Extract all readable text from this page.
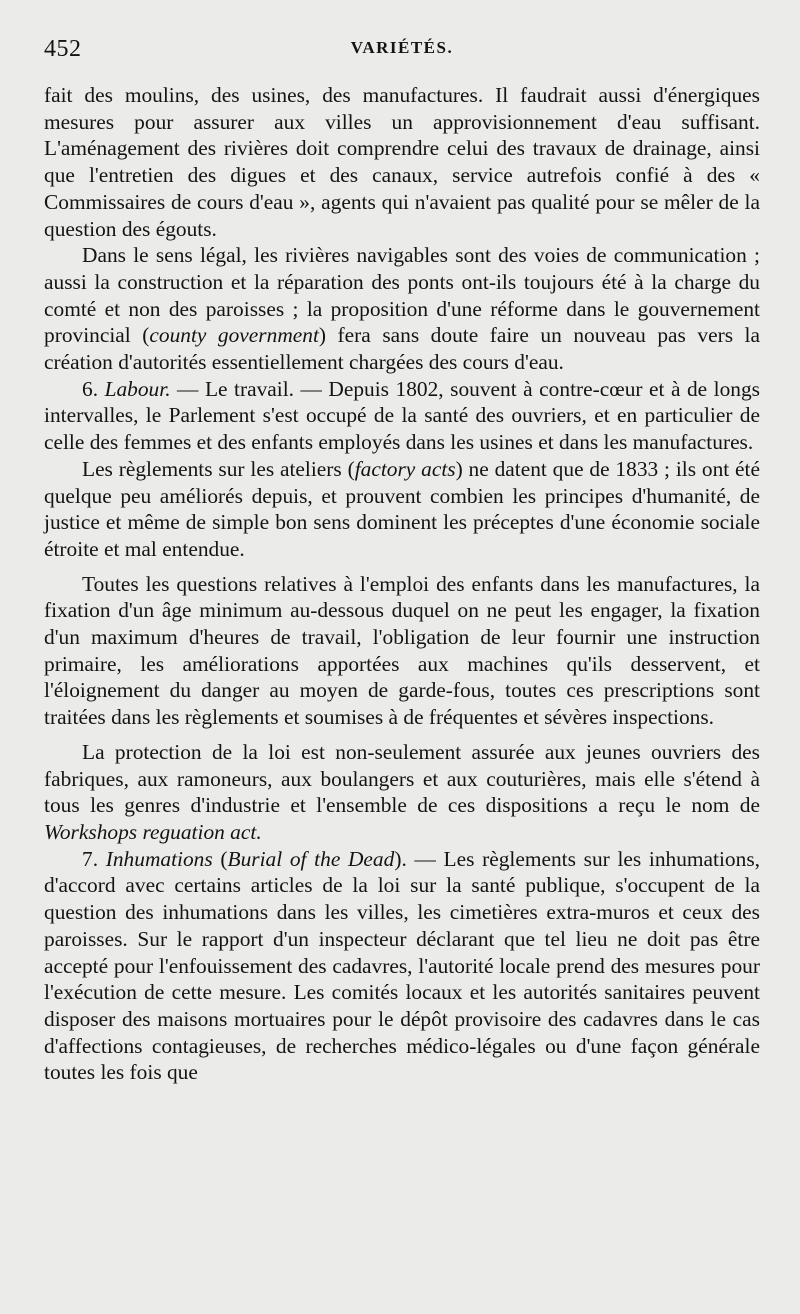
452	VARIÉTÉS.

fait des moulins, des usines, des manufactures. Il faudrait aussi d'énergiques mesures pour assurer aux villes un approvisionnement d'eau suffisant. L'aménagement des rivières doit comprendre celui des travaux de drainage, ainsi que l'entretien des digues et des canaux, service autrefois confié à des « Commissaires de cours d'eau », agents qui n'avaient pas qualité pour se mêler de la question des égouts.

Dans le sens légal, les rivières navigables sont des voies de communication ; aussi la construction et la réparation des ponts ont-ils toujours été à la charge du comté et non des paroisses ; la proposition d'une réforme dans le gouvernement provincial (county government) fera sans doute faire un nouveau pas vers la création d'autorités essentiellement chargées des cours d'eau.

6. Labour. — Le travail. — Depuis 1802, souvent à contre-cœur et à de longs intervalles, le Parlement s'est occupé de la santé des ouvriers, et en particulier de celle des femmes et des enfants employés dans les usines et dans les manufactures.

Les règlements sur les ateliers (factory acts) ne datent que de 1833 ; ils ont été quelque peu améliorés depuis, et prouvent combien les principes d'humanité, de justice et même de simple bon sens dominent les préceptes d'une économie sociale étroite et mal entendue.

Toutes les questions relatives à l'emploi des enfants dans les manufactures, la fixation d'un âge minimum au-dessous duquel on ne peut les engager, la fixation d'un maximum d'heures de travail, l'obligation de leur fournir une instruction primaire, les améliorations apportées aux machines qu'ils desservent, et l'éloignement du danger au moyen de garde-fous, toutes ces prescriptions sont traitées dans les règlements et soumises à de fréquentes et sévères inspections.

La protection de la loi est non-seulement assurée aux jeunes ouvriers des fabriques, aux ramoneurs, aux boulangers et aux couturières, mais elle s'étend à tous les genres d'industrie et l'ensemble de ces dispositions a reçu le nom de Workshops reguation act.

7. Inhumations (Burial of the Dead). — Les règlements sur les inhumations, d'accord avec certains articles de la loi sur la santé publique, s'occupent de la question des inhumations dans les villes, les cimetières extra-muros et ceux des paroisses. Sur le rapport d'un inspecteur déclarant que tel lieu ne doit pas être accepté pour l'enfouissement des cadavres, l'autorité locale prend des mesures pour l'exécution de cette mesure. Les comités locaux et les autorités sanitaires peuvent disposer des maisons mortuaires pour le dépôt provisoire des cadavres dans le cas d'affections contagieuses, de recherches médico-légales ou d'une façon générale toutes les fois que
